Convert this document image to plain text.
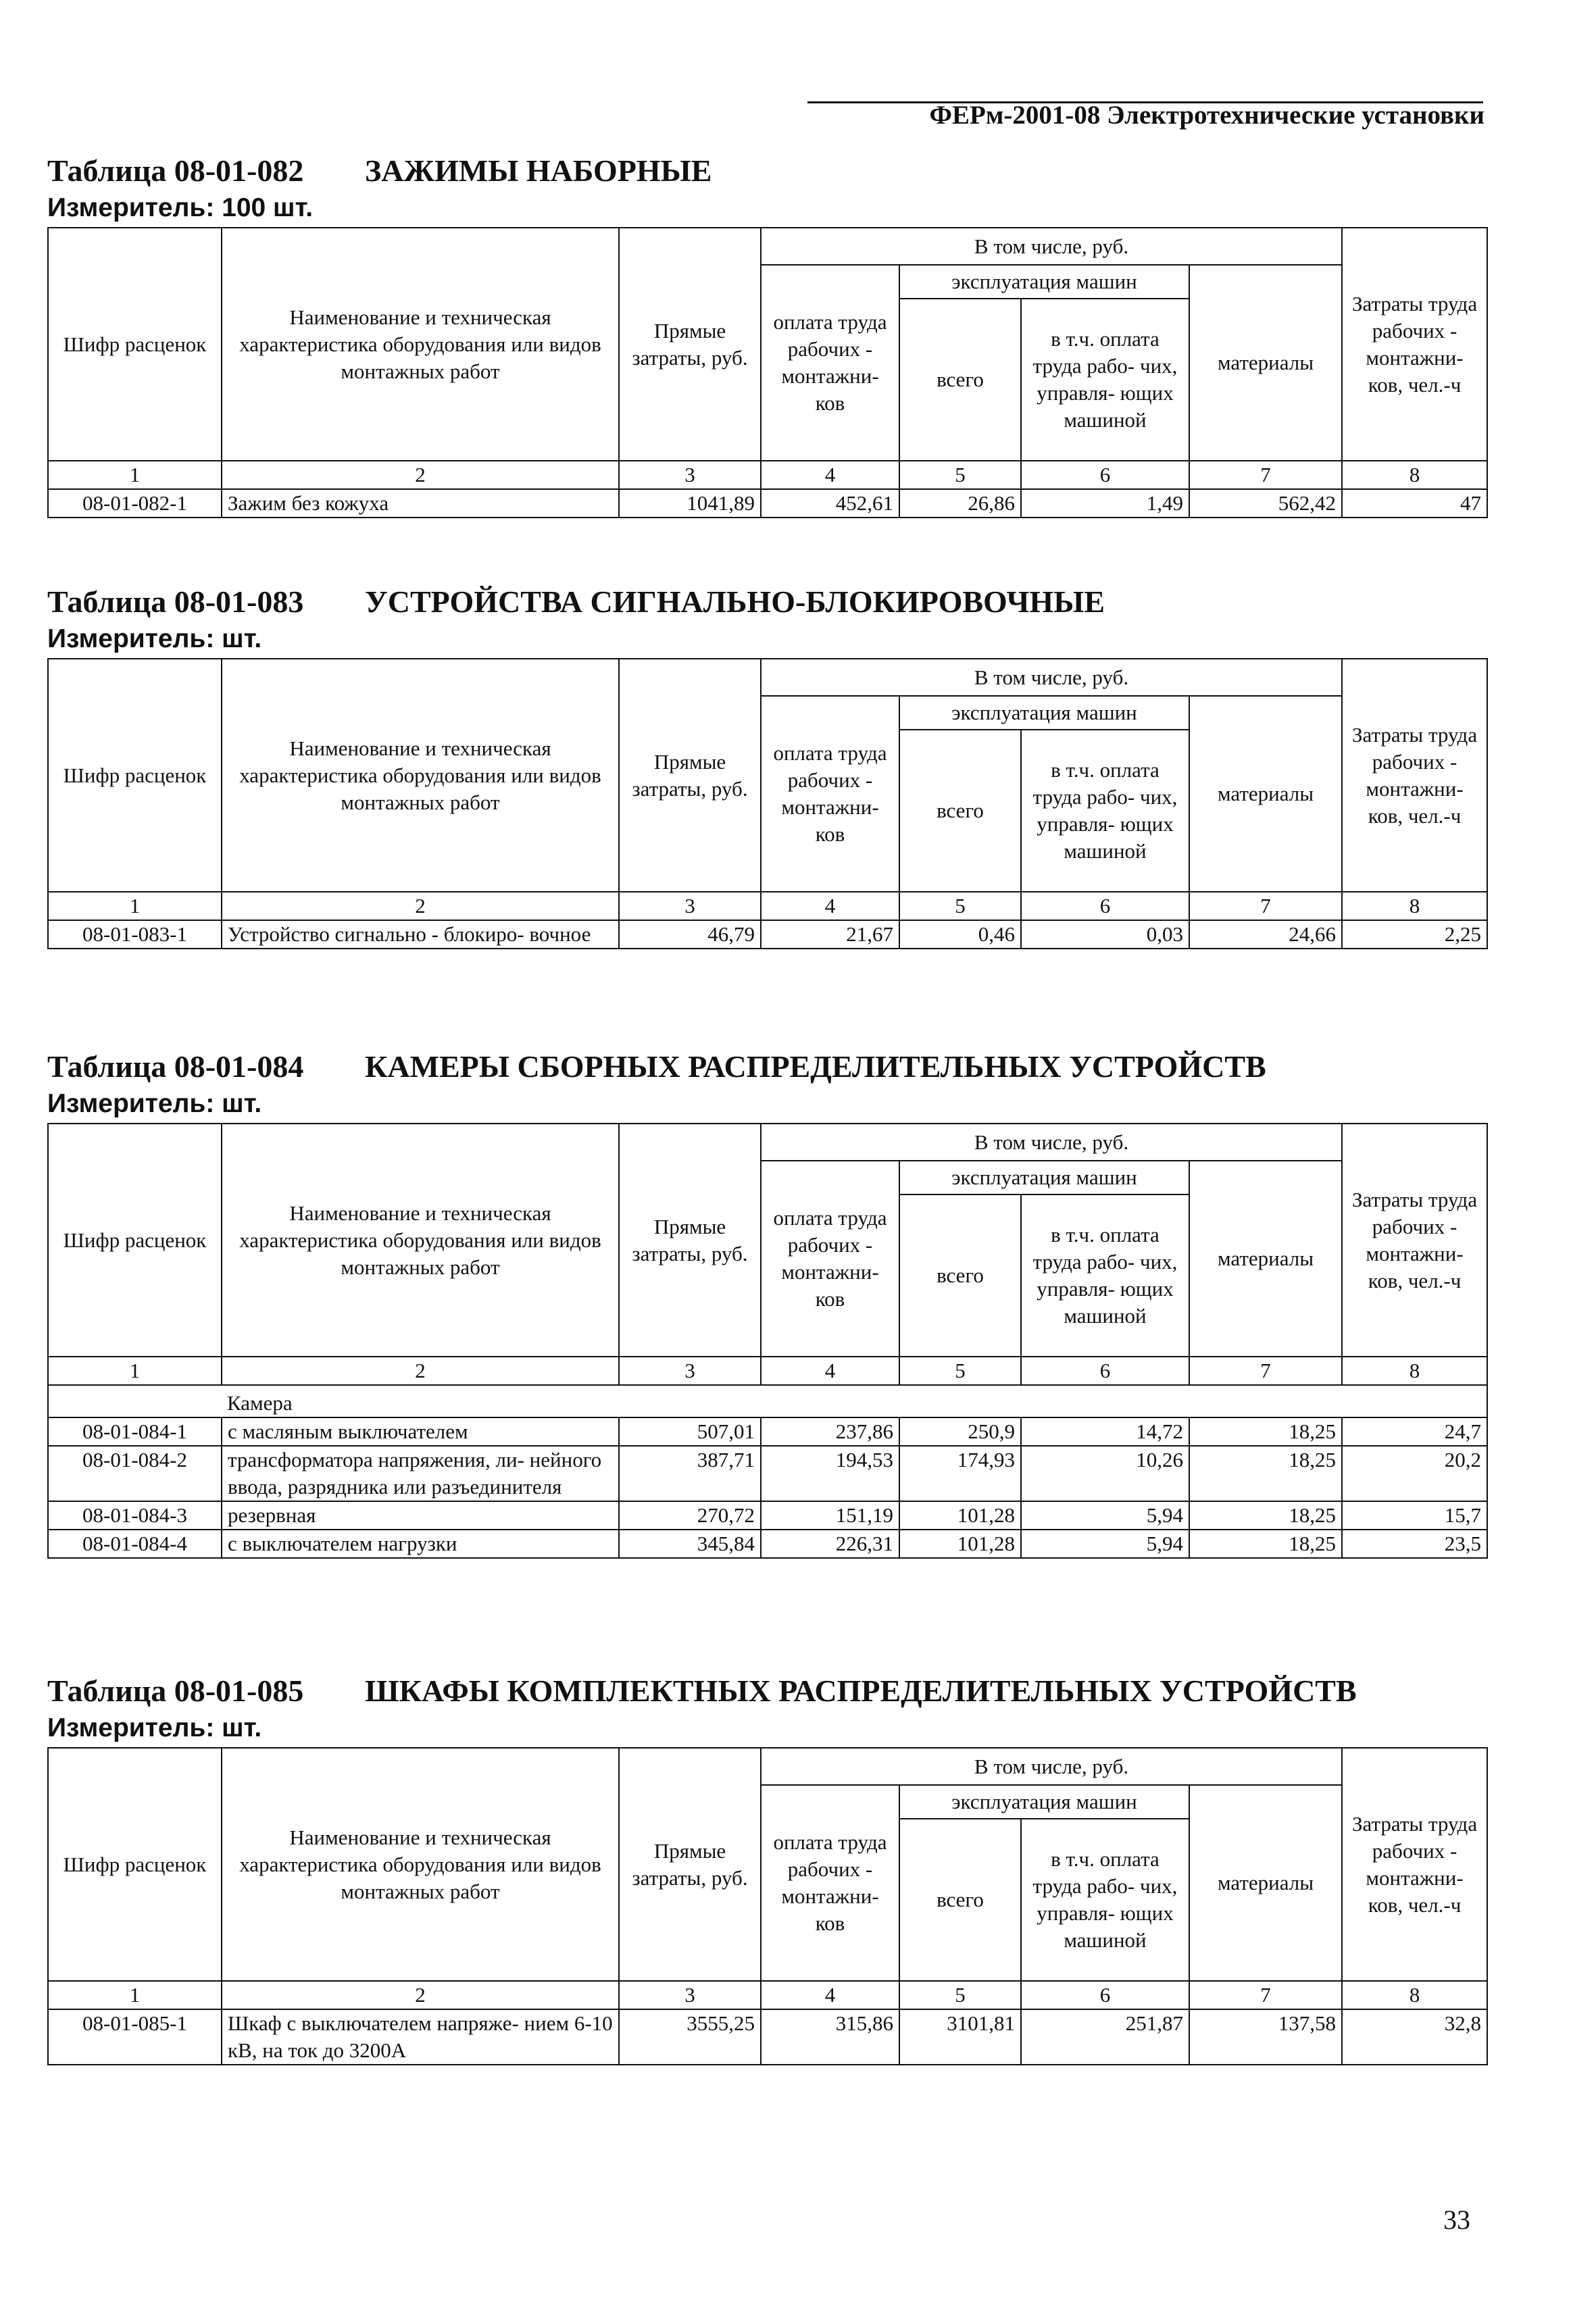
ФЕРм-2001-08 Электротехнические установки
Таблица 08-01-082 ЗАЖИМЫ НАБОРНЫЕ
Измеритель: 100 шт.
Шифр расценок	Наименование и техническая характеристика оборудования или видов монтажных работ	Прямые затраты, руб.	В том числе, руб.				Затраты труда рабочих - монтажни- ков, чел.-ч
			оплата труда рабочих - монтажни- ков	эксплуатация машин		материалы	
				всего	в т.ч. оплата труда рабо- чих, управля- ющих машиной		
1	2	3	4	5	6	7	8
08-01-082-1	Зажим без кожуха	1041,89	452,61	26,86	1,49	562,42	47
Таблица 08-01-083 УСТРОЙСТВА СИГНАЛЬНО-БЛОКИРОВОЧНЫЕ
Измеритель: шт.
Шифр расценок	Наименование и техническая характеристика оборудования или видов монтажных работ	Прямые затраты, руб.	В том числе, руб.				Затраты труда рабочих - монтажни- ков, чел.-ч
			оплата труда рабочих - монтажни- ков	эксплуатация машин		материалы	
				всего	в т.ч. оплата труда рабо- чих, управля- ющих машиной		
1	2	3	4	5	6	7	8
08-01-083-1	Устройство сигнально - блокиро- вочное	46,79	21,67	0,46	0,03	24,66	2,25
Таблица 08-01-084 КАМЕРЫ СБОРНЫХ РАСПРЕДЕЛИТЕЛЬНЫХ УСТРОЙСТВ
Измеритель: шт.
Шифр расценок	Наименование и техническая характеристика оборудования или видов монтажных работ	Прямые затраты, руб.	В том числе, руб.				Затраты труда рабочих - монтажни- ков, чел.-ч
			оплата труда рабочих - монтажни- ков	эксплуатация машин		материалы	
				всего	в т.ч. оплата труда рабо- чих, управля- ющих машиной		
1	2	3	4	5	6	7	8
	Камера						
08-01-084-1	с масляным выключателем	507,01	237,86	250,9	14,72	18,25	24,7
08-01-084-2	трансформатора напряжения, ли- нейного ввода, разрядника или разъединителя	387,71	194,53	174,93	10,26	18,25	20,2
08-01-084-3	резервная	270,72	151,19	101,28	5,94	18,25	15,7
08-01-084-4	с выключателем нагрузки	345,84	226,31	101,28	5,94	18,25	23,5
Таблица 08-01-085 ШКАФЫ КОМПЛЕКТНЫХ РАСПРЕДЕЛИТЕЛЬНЫХ УСТРОЙСТВ
Измеритель: шт.
Шифр расценок	Наименование и техническая характеристика оборудования или видов монтажных работ	Прямые затраты, руб.	В том числе, руб.				Затраты труда рабочих - монтажни- ков, чел.-ч
			оплата труда рабочих - монтажни- ков	эксплуатация машин		материалы	
				всего	в т.ч. оплата труда рабо- чих, управля- ющих машиной		
1	2	3	4	5	6	7	8
08-01-085-1	Шкаф с выключателем напряже- нием 6-10 кВ, на ток до 3200А	3555,25	315,86	3101,81	251,87	137,58	32,8
33
